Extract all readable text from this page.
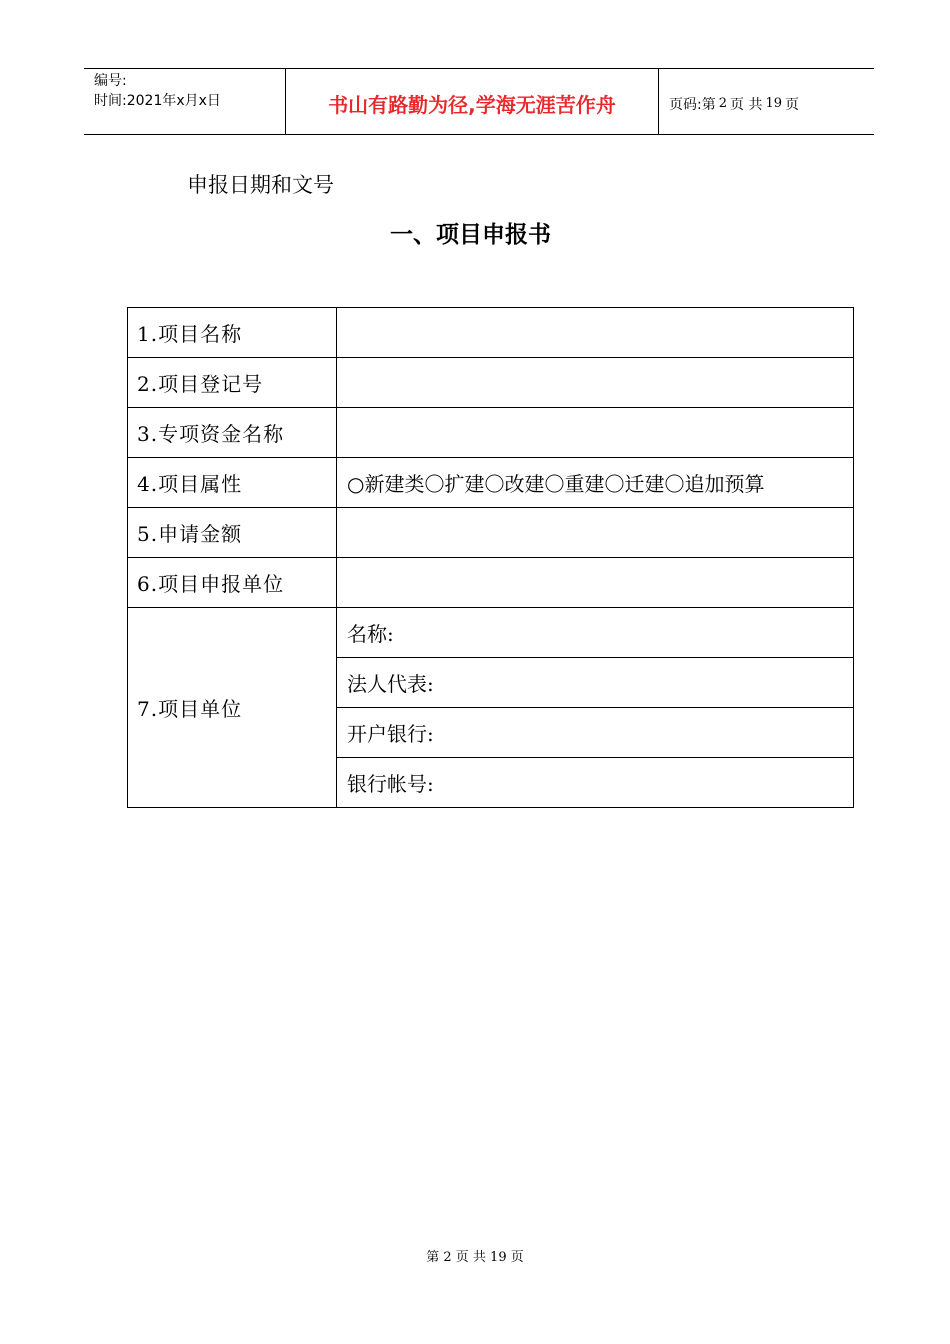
编号:
时间:2021年x月x日	书山有路勤为径,学海无涯苦作舟	页码:第 2 页 共 19 页
申报日期和文号
一、项目申报书
1.项目名称	
2.项目登记号	
3.专项资金名称	
4.项目属性	○新建类〇扩建〇改建〇重建〇迁建〇追加预算
5.申请金额	
6.项目申报单位	
7.项目单位	名称:
	法人代表:
	开户银行:
	银行帐号:
第 2 页 共 19 页
